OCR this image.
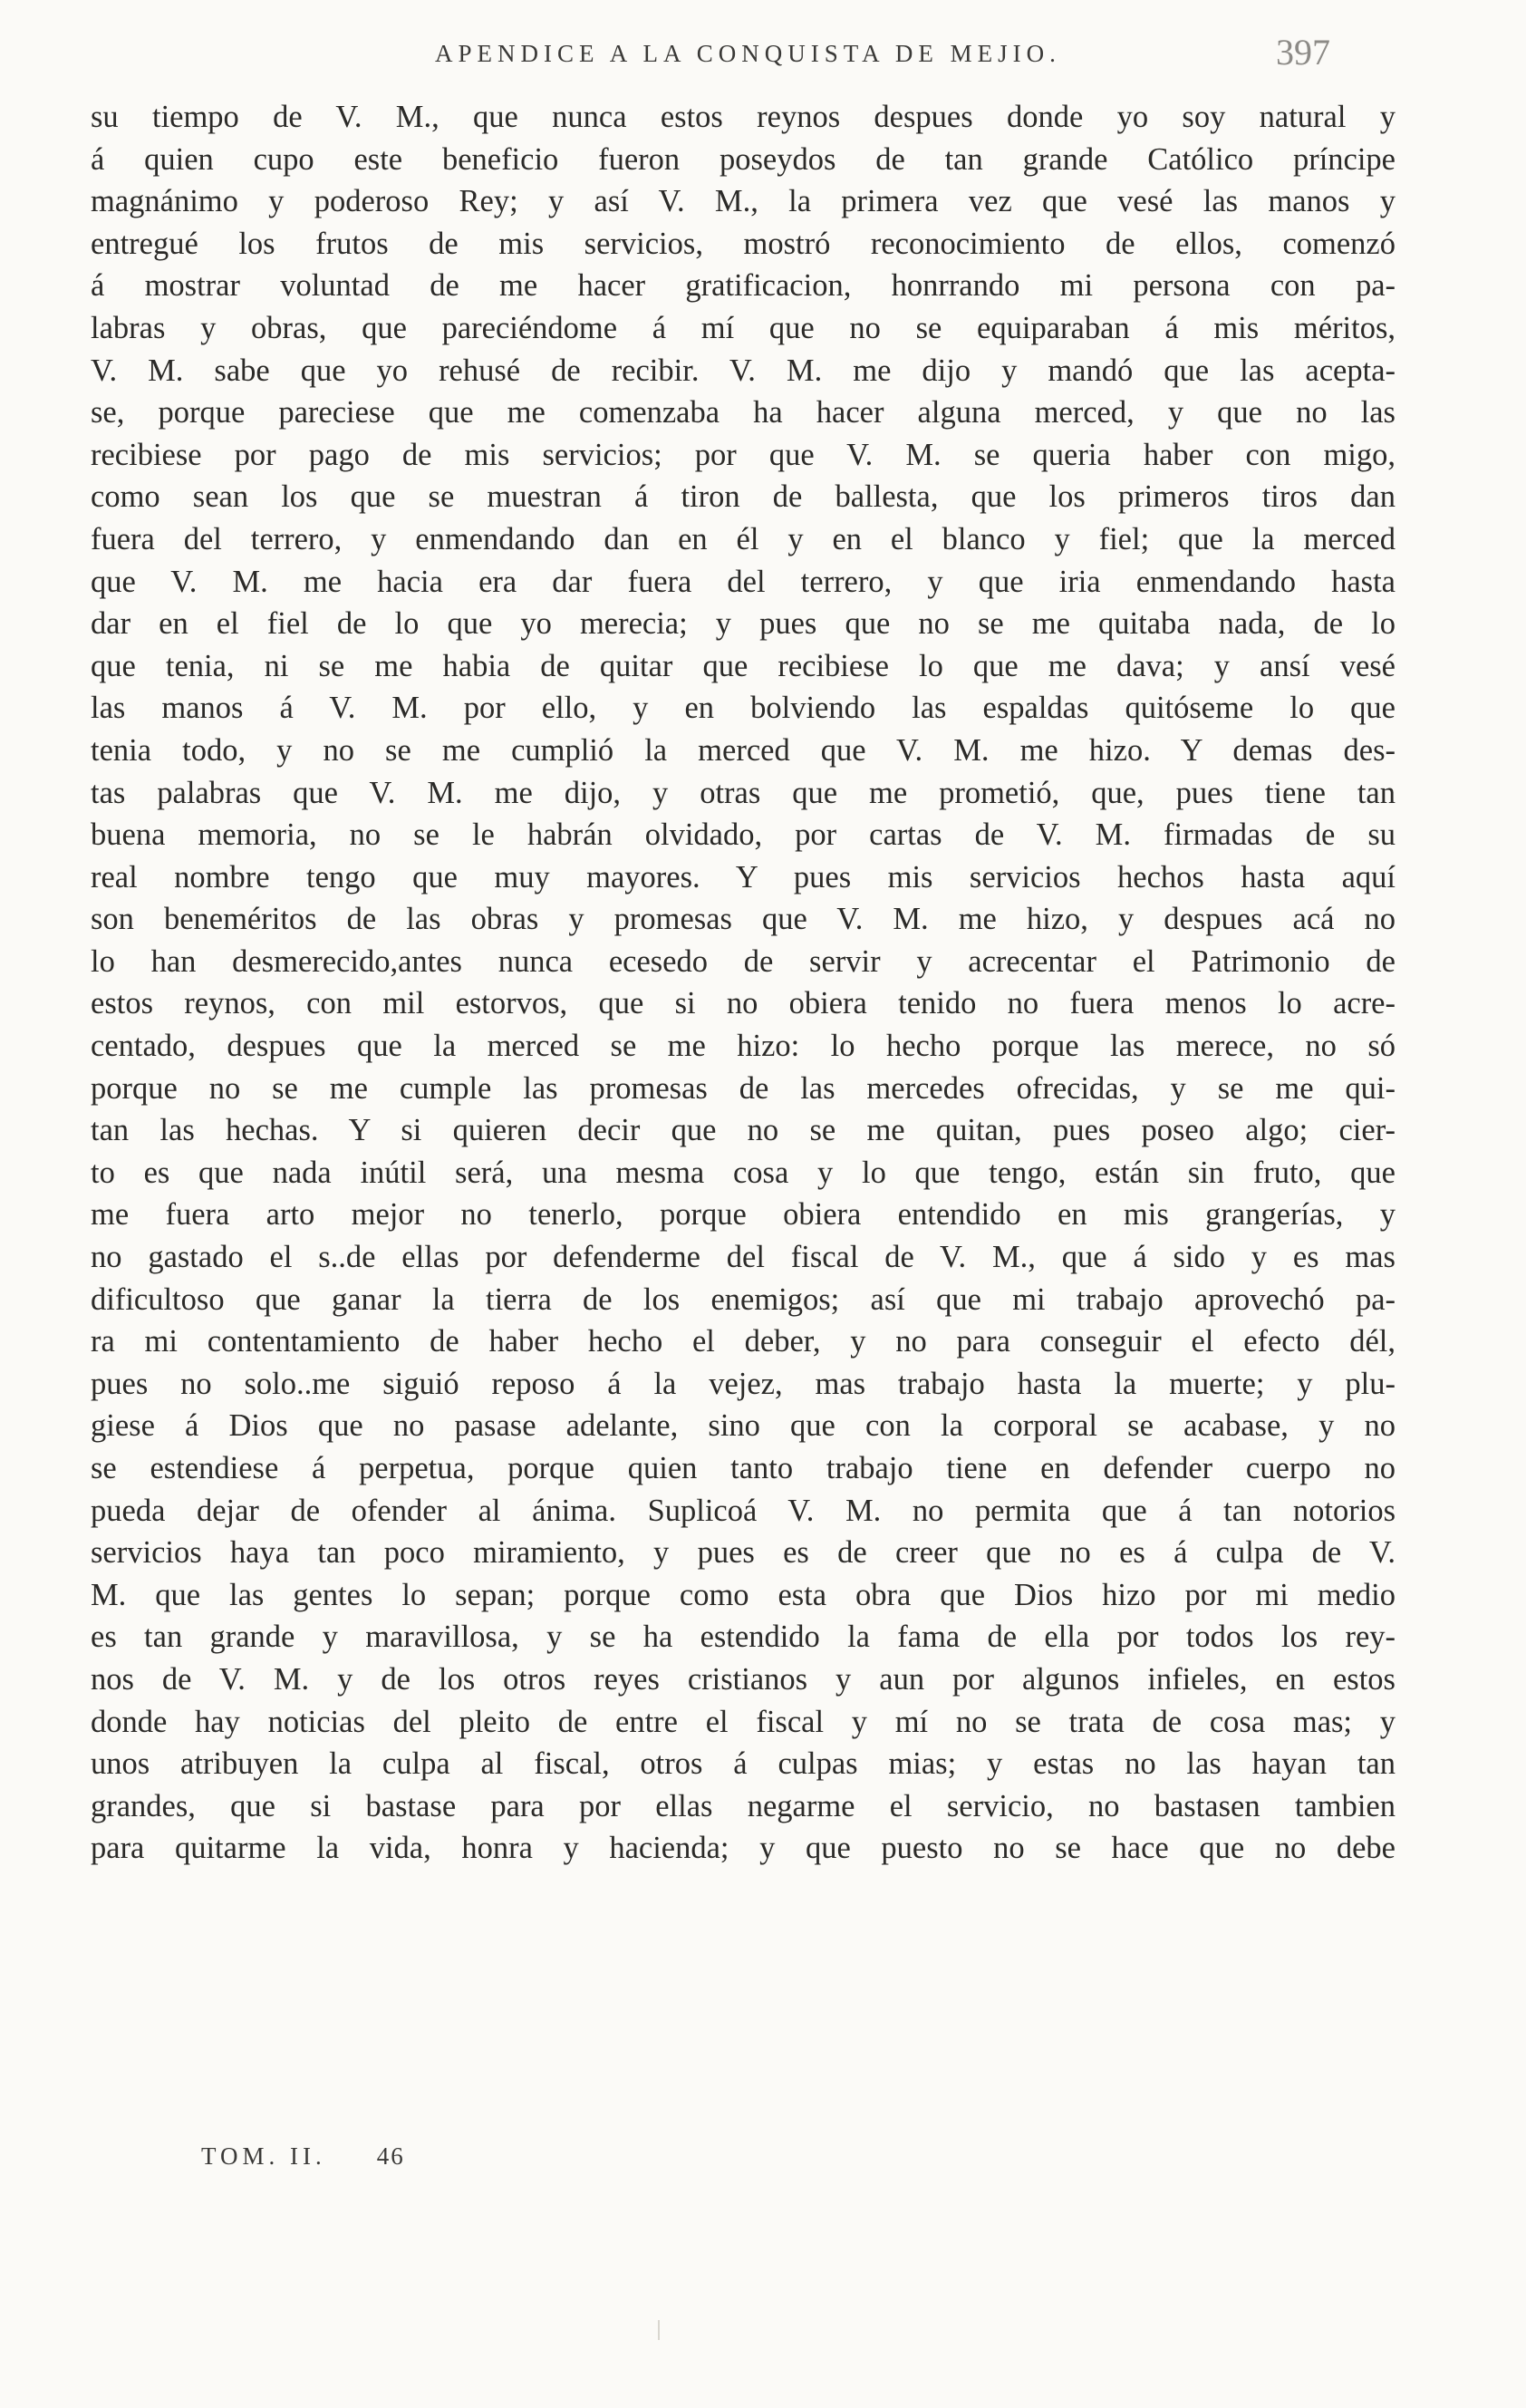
APENDICE A LA CONQUISTA DE MEJIO.	397
su tiempo de V. M., que nunca estos reynos despues donde yo soy natural y
á quien cupo este beneficio fueron poseydos de tan grande Católico príncipe
magnánimo y poderoso Rey; y así V. M., la primera vez que vesé las manos y
entregué los frutos de mis servicios, mostró reconocimiento de ellos, comenzó
á mostrar voluntad de me hacer gratificacion, honrrando mi persona con pa-
labras y obras, que pareciéndome á mí que no se equiparaban á mis méritos,
V. M. sabe que yo rehusé de recibir. V. M. me dijo y mandó que las acepta-
se, porque pareciese que me comenzaba ha hacer alguna merced, y que no las
recibiese por pago de mis servicios; por que V. M. se queria haber con migo,
como sean los que se muestran á tiron de ballesta, que los primeros tiros dan
fuera del terrero, y enmendando dan en él y en el blanco y fiel; que la merced
que V. M. me hacia era dar fuera del terrero, y que iria enmendando hasta
dar en el fiel de lo que yo merecia; y pues que no se me quitaba nada, de lo
que tenia, ni se me habia de quitar que recibiese lo que me dava; y ansí vesé
las manos á V. M. por ello, y en bolviendo las espaldas quitóseme lo que
tenia todo, y no se me cumplió la merced que V. M. me hizo. Y demas des-
tas palabras que V. M. me dijo, y otras que me prometió, que, pues tiene tan
buena memoria, no se le habrán olvidado, por cartas de V. M. firmadas de su
real nombre tengo que muy mayores. Y pues mis servicios hechos hasta aquí
son beneméritos de las obras y promesas que V. M. me hizo, y despues acá no
lo han desmerecido,antes nunca ecesedo de servir y acrecentar el Patrimonio de
estos reynos, con mil estorvos, que si no obiera tenido no fuera menos lo acre-
centado, despues que la merced se me hizo: lo hecho porque las merece, no só
porque no se me cumple las promesas de las mercedes ofrecidas, y se me qui-
tan las hechas. Y si quieren decir que no se me quitan, pues poseo algo; cier-
to es que nada inútil será, una mesma cosa y lo que tengo, están sin fruto, que
me fuera arto mejor no tenerlo, porque obiera entendido en mis grangerías, y
no gastado el s..de ellas por defenderme del fiscal de V. M., que á sido y es mas
dificultoso que ganar la tierra de los enemigos; así que mi trabajo aprovechó pa-
ra mi contentamiento de haber hecho el deber, y no para conseguir el efecto dél,
pues no solo..me siguió reposo á la vejez, mas trabajo hasta la muerte; y plu-
giese á Dios que no pasase adelante, sino que con la corporal se acabase, y no
se estendiese á perpetua, porque quien tanto trabajo tiene en defender cuerpo no
pueda dejar de ofender al ánima. Suplicoá V. M. no permita que á tan notorios
servicios haya tan poco miramiento, y pues es de creer que no es á culpa de V.
M. que las gentes lo sepan; porque como esta obra que Dios hizo por mi medio
es tan grande y maravillosa, y se ha estendido la fama de ella por todos los rey-
nos de V. M. y de los otros reyes cristianos y aun por algunos infieles, en estos
donde hay noticias del pleito de entre el fiscal y mí no se trata de cosa mas; y
unos atribuyen la culpa al fiscal, otros á culpas mias; y estas no las hayan tan
grandes, que si bastase para por ellas negarme el servicio, no bastasen tambien
para quitarme la vida, honra y hacienda; y que puesto no se hace que no debe
TOM. II. 46
